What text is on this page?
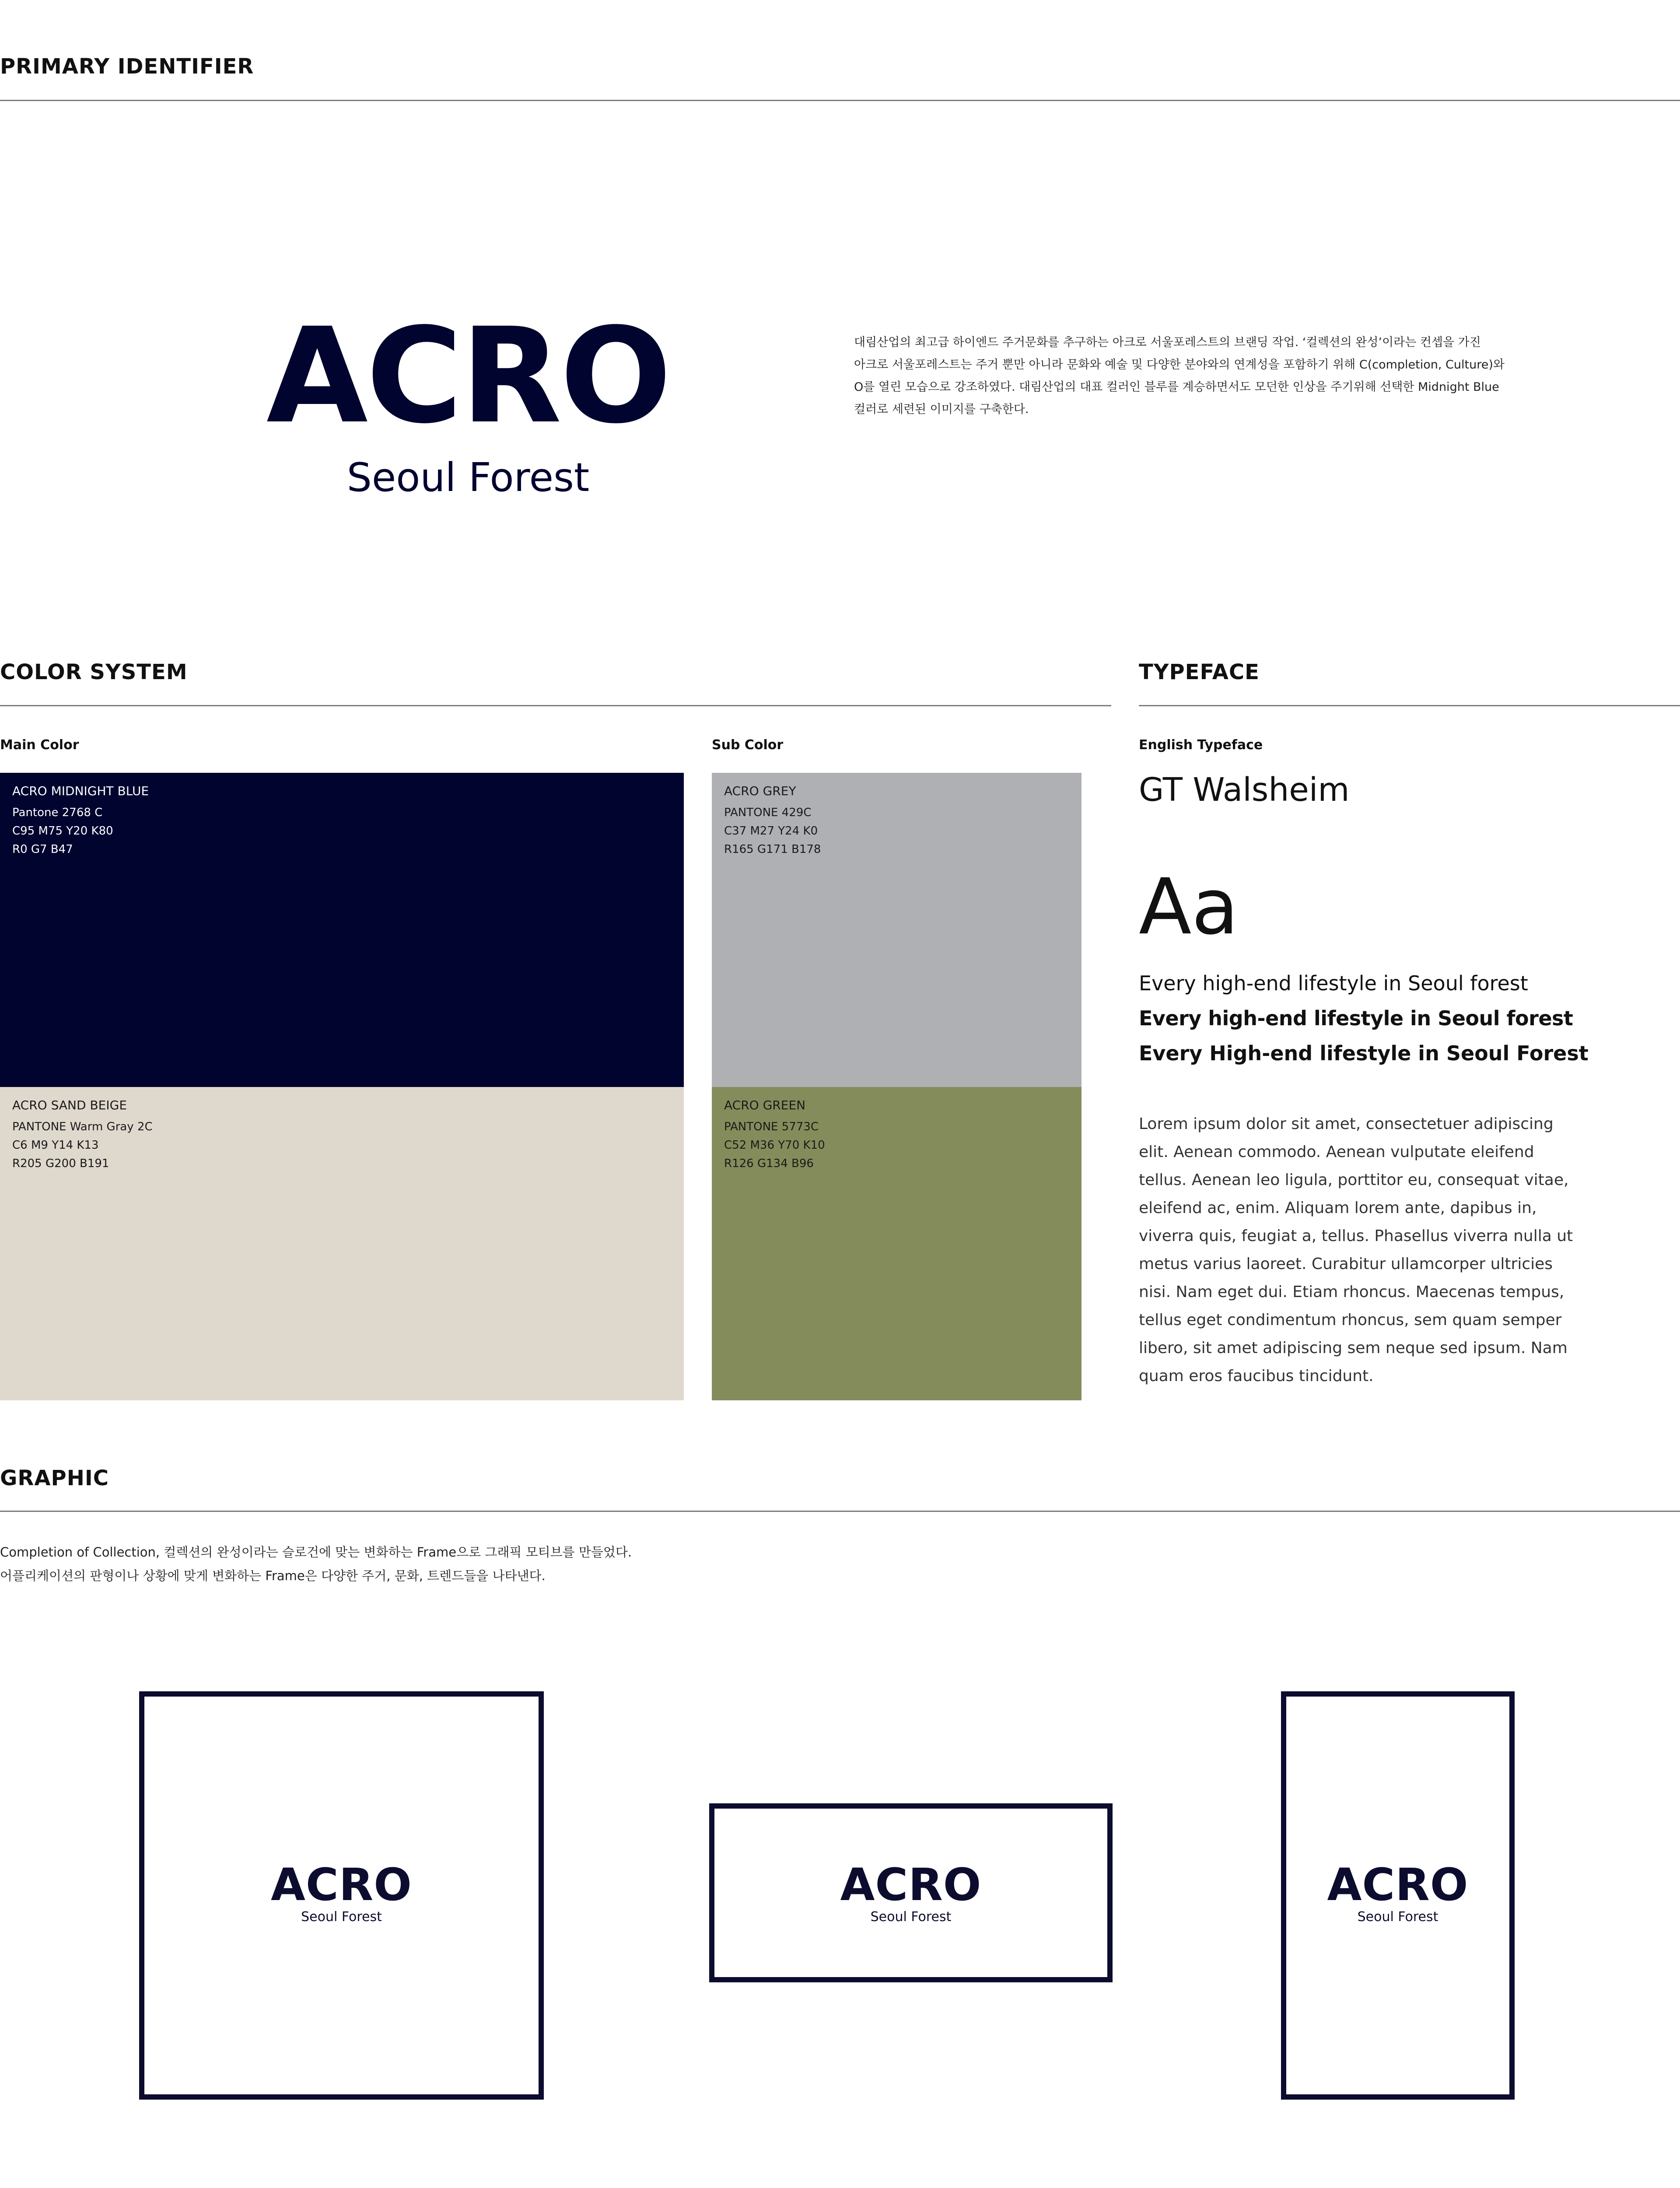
PRIMARY IDENTIFIER
ACRO
Seoul Forest
대림산업의 최고급 하이엔드 주거문화를 추구하는 아크로 서울포레스트의 브랜딩 작업. ‘컬렉션의 완성’이라는 컨셉을 가진
아크로 서울포레스트는 주거 뿐만 아니라 문화와 예술 및 다양한 분야와의 연계성을 포함하기 위해 C(completion, Culture)와
O를 열린 모습으로 강조하였다. 대림산업의 대표 컬러인 블루를 계승하면서도 모던한 인상을 주기위해 선택한 Midnight Blue
컬러로 세련된 이미지를 구축한다.
COLOR SYSTEM
Main Color	Sub Color
ACRO MIDNIGHT BLUE
Pantone 2768 C
C95 M75 Y20 K80
R0 G7 B47
ACRO SAND BEIGE
PANTONE Warm Gray 2C
C6 M9 Y14 K13
R205 G200 B191
ACRO GREY
PANTONE 429C
C37 M27 Y24 K0
R165 G171 B178
ACRO GREEN
PANTONE 5773C
C52 M36 Y70 K10
R126 G134 B96
TYPEFACE
English Typeface
GT Walsheim
Aa
Every high-end lifestyle in Seoul forest
Every high-end lifestyle in Seoul forest
Every High-end lifestyle in Seoul Forest
Lorem ipsum dolor sit amet, consectetuer adipiscing
elit. Aenean commodo. Aenean vulputate eleifend
tellus. Aenean leo ligula, porttitor eu, consequat vitae,
eleifend ac, enim. Aliquam lorem ante, dapibus in,
viverra quis, feugiat a, tellus. Phasellus viverra nulla ut
metus varius laoreet. Curabitur ullamcorper ultricies
nisi. Nam eget dui. Etiam rhoncus. Maecenas tempus,
tellus eget condimentum rhoncus, sem quam semper
libero, sit amet adipiscing sem neque sed ipsum. Nam
quam eros faucibus tincidunt.
GRAPHIC
Completion of Collection, 컬렉션의 완성이라는 슬로건에 맞는 변화하는 Frame으로 그래픽 모티브를 만들었다.
어플리케이션의 판형이나 상황에 맞게 변화하는 Frame은 다양한 주거, 문화, 트렌드들을 나타낸다.
ACRO
Seoul Forest
ACRO
Seoul Forest
ACRO
Seoul Forest
